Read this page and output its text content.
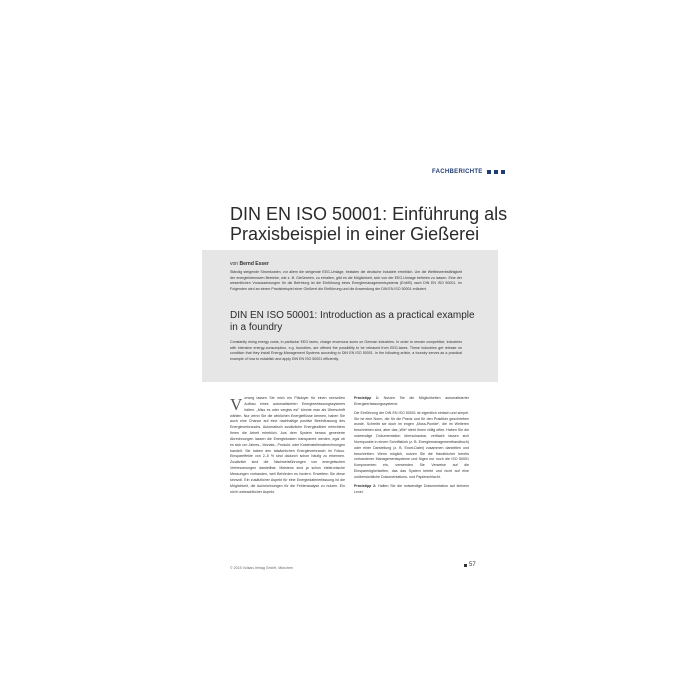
FACHBERICHTE
DIN EN ISO 50001: Einführung als Praxisbeispiel in einer Gießerei
von Bernd Esser

Ständig steigende Stromkosten, vor allem die steigende EEG-Umlage, belasten die deutsche Industrie erheblich. Um die Wettbewerbsfähigkeit der energieintensiven Betriebe, wie z. B. Gießereien, zu erhalten, gibt es die Möglichkeit, sich von der EEG-Umlage befreien zu lassen. Eine der wesentlichen Voraussetzungen für die Befreiung ist die Einführung eines Energiemanagementsystems (EnMS) nach DIN EN ISO 50001. Im Folgenden wird an einem Praxisbeispiel einer Gießerei die Einführung und die Anwendung der DIN EN ISO 50001 erläutert.

DIN EN ISO 50001: Introduction as a practical example in a foundry

Constantly rising energy costs, in particular EEG taxes, charge enormous sums on German industries. In order to remain competitive, industries with intensive energy-consumption, e.g. foundries, are offered the possibility to be released from EEG-taxes. These industries get release on condition that they install Energy-Management Systems according to DIN EN ISO 50001. In the following article, a foundry serves as a practical example of how to establish and apply DIN EN ISO 50001 efficiently.

Vorweg lassen Sie mich ein Plädoyer für einen sinnvollen Aufbau eines automatisierten Energieerfassungssystems halten. „Miss es oder vergiss es!“ könnte man als Überschrift wählen. Nur wenn Sie die wirklichen Energieflüsse kennen, haben Sie auch eine Chance auf eine nachhaltige positive Beeinflussung des Energieverbrauchs. Automatisch zusätzliche Energiezähler erleichtern Ihnen die Arbeit erheblich. Aus dem System heraus generierte Abrechnungen lassen die Energiekosten transparent werden, egal ob es sich um Jahres-, Monats-, Produkt- oder Kostenstellenabrechnungen handelt. Sie haben den tatsächlichen Energieverbrauch im Fokus. Einspareffekte von 2–5 % sind dadurch schon häufig zu erkennen. Zusätzlich sind die Nachweisführungen von energetischen Verbesserungen darstellbar. Meistens sind ja schon elektronische Messungen vorhanden, weil Behörden es fordern. Erweitern Sie diese sinnvoll. Ein zusätzlicher Aspekt für eine Energiedatenerfassung ist die Möglichkeit, die Aufzeichnungen für die Fehleranalyse zu nutzen. Ein nicht unbeachtlicher Aspekt.

Praxistipp 1: Nutzen Sie die Möglichkeiten automatisierter Energieerfassungssysteme.

Die Einführung der DIN EN ISO 50001 ist eigentlich einfach und simpel. Sie ist eine Norm, die für die Praxis und für den Praktiker geschrieben wurde. Schreibt sie doch im engen „Muss-Punkte“, die im Weiteren beschrieben sind, aber das „Wie“ steht Ihnen völlig offen. Haben Sie die notwendige Dokumentation überschaubar, verflacht lassen sich Normpunkte in einem Schriftstück (z. B. Energiemanagementhandbuch) oder einer Darstellung (z. B. Excel-Datei) zusammen darstellen und beschreiben. Wenn möglich, nutzen Sie die Handbücher bereits vorhandener Managementsysteme und fügen nur noch die ISO 50001 Komponenten ein, verwenden Sie Verweise auf die Einsparmöglichkeiten, das das System belebt und nicht auf eine unübersichtliche Dokumentations- und Papierschlacht.

Praxistipp 2: Halten Sie die notwendige Dokumentation auf kleinem Level.

© 2015 Vulkan-Verlag GmbH, München	57
